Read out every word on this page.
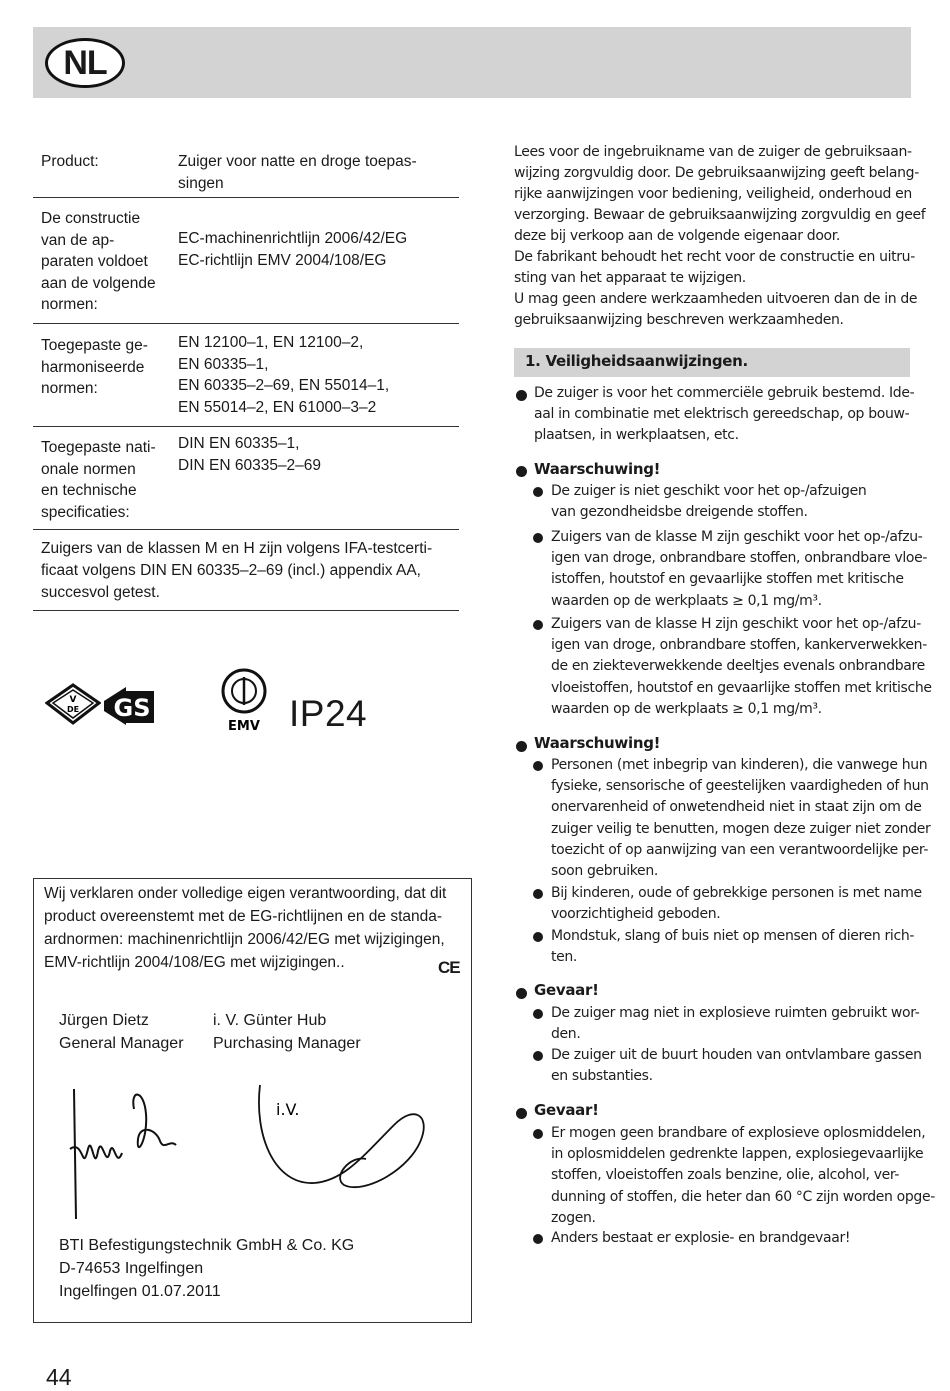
NL
Product:	Zuiger voor natte en droge toepas-
singen
De constructie
van de ap-
paraten voldoet
aan de volgende
normen:
EC-machinenrichtlijn 2006/42/EG
EC-richtlijn EMV 2004/108/EG
Toegepaste ge-
harmoniseerde
normen:
EN 12100–1, EN 12100–2,
EN 60335–1,
EN 60335–2–69, EN 55014–1,
EN 55014–2, EN 61000–3–2
Toegepaste nati-
onale normen
en technische
specificaties:
DIN EN 60335–1,
DIN EN 60335–2–69
Zuigers van de klassen M en H zijn volgens IFA-testcerti-
ficaat volgens DIN EN 60335–2–69 (incl.) appendix AA,
succesvol getest.
V
DE GS
EMV IP24
Wij verklaren onder volledige eigen verantwoording, dat dit
product overeenstemt met de EG-richtlijnen en de standa-
ardnormen: machinenrichtlijn 2006/42/EG met wijzigingen,
EMV-richtlijn 2004/108/EG met wijzigingen..	CE
Jürgen Dietz
General Manager
i. V. Günter Hub
Purchasing Manager
i.V.
BTI Befestigungstechnik GmbH & Co. KG
D-74653 Ingelfingen
Ingelfingen 01.07.2011
44
Lees voor de ingebruikname van de zuiger de gebruiksaan-
wijzing zorgvuldig door. De gebruiksaanwijzing geeft belang-
rijke aanwijzingen voor bediening, veiligheid, onderhoud en
verzorging. Bewaar de gebruiksaanwijzing zorgvuldig en geef
deze bij verkoop aan de volgende eigenaar door.
De fabrikant behoudt het recht voor de constructie en uitru-
sting van het apparaat te wijzigen.
U mag geen andere werkzaamheden uitvoeren dan de in de
gebruiksaanwijzing beschreven werkzaamheden.
1. Veiligheidsaanwijzingen.
De zuiger is voor het commerciële gebruik bestemd. Ide-
aal in combinatie met elektrisch gereedschap, op bouw-
plaatsen, in werkplaatsen, etc.
Waarschuwing!
De zuiger is niet geschikt voor het op-/afzuigen
van gezondheidsbe dreigende stoffen.
Zuigers van de klasse M zijn geschikt voor het op-/afzu-
igen van droge, onbrandbare stoffen, onbrandbare vloe-
istoffen, houtstof en gevaarlijke stoffen met kritische
waarden op de werkplaats ≥ 0,1 mg/m³.
Zuigers van de klasse H zijn geschikt voor het op-/afzu-
igen van droge, onbrandbare stoffen, kankerverwekken-
de en ziekteverwekkende deeltjes evenals onbrandbare
vloeistoffen, houtstof en gevaarlijke stoffen met kritische
waarden op de werkplaats ≥ 0,1 mg/m³.
Waarschuwing!
Personen (met inbegrip van kinderen), die vanwege hun
fysieke, sensorische of geestelijken vaardigheden of hun
onervarenheid of onwetendheid niet in staat zijn om de
zuiger veilig te benutten, mogen deze zuiger niet zonder
toezicht of op aanwijzing van een verantwoordelijke per-
soon gebruiken.
Bij kinderen, oude of gebrekkige personen is met name
voorzichtigheid geboden.
Mondstuk, slang of buis niet op mensen of dieren rich-
ten.
Gevaar!
De zuiger mag niet in explosieve ruimten gebruikt wor-
den.
De zuiger uit de buurt houden van ontvlambare gassen
en substanties.
Gevaar!
Er mogen geen brandbare of explosieve oplosmiddelen,
in oplosmiddelen gedrenkte lappen, explosiegevaarlijke
stoffen, vloeistoffen zoals benzine, olie, alcohol, ver-
dunning of stoffen, die heter dan 60 °C zijn worden opge-
zogen.
Anders bestaat er explosie- en brandgevaar!
